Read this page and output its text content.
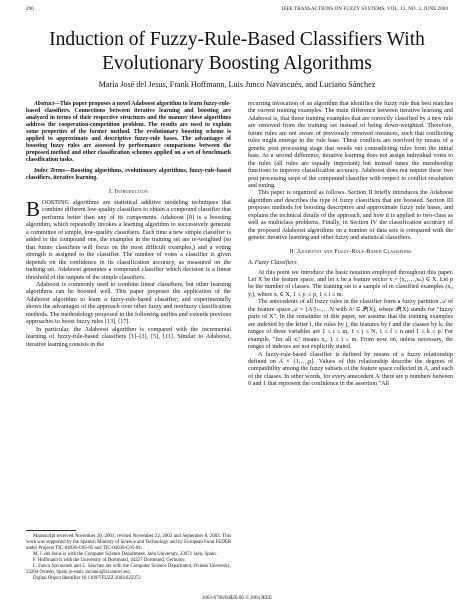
296	IEEE TRANSACTIONS ON FUZZY SYSTEMS, VOL. 12, NO. 3, JUNE 2004
Induction of Fuzzy-Rule-Based Classifiers With
Evolutionary Boosting Algorithms
María José del Jesus, Frank Hoffmann, Luis Junco Navascués, and Luciano Sánchez

Abstract—This paper proposes a novel Adaboost algorithm to learn fuzzy-rule-based classifiers. Connections between iterative learning and boosting are analyzed in terms of their respective structures and the manner these algorithms address the cooperation-competition problem. The results are used to explain some properties of the former method. The evolutionary boosting scheme is applied to approximate and descriptive fuzzy-rule bases. The advantages of boosting fuzzy rules are assessed by performance comparisons between the proposed method and other classification schemes applied on a set of benchmark classification tasks.

Index Terms—Boosting algorithms, evolutionary algorithms, fuzzy-rule-based classifiers, iterative learning.

I. Introduction

BOOSTING algorithms are statistical additive modeling techniques that combine different low-quality classifiers to obtain a compound classifier that performs better than any of its components. Adaboost [8] is a boosting algorithm, which repeatedly invokes a learning algorithm to successively generate a committee of simple, low-quality classifiers. Each time a new simple classifier is added to the compound one, the examples in the training set are re-weighted (so that future classifiers will focus on the most difficult examples,) and a voting strength is assigned to the classifier. The number of votes a classifier is given depends on the confidence in its classification accuracy, as measured on the training set. Adaboost generates a compound classifier which decision is a linear threshold of the outputs of the simple classifiers.

Adaboost is commonly used to combine linear classifiers, but other learning algorithms can be boosted well. This paper proposes the application of the Adaboost algorithm to learn a fuzzy-rule-based classifier, and experimentally shows the advantages of the approach over other fuzzy and nonfuzzy classification methods. The methodology proposed in the following unifies and extends previous approaches to boost fuzzy rules [13], [17].

In particular, the Adaboost algorithm is compared with the incremental learning of fuzzy-rule-based classifiers [1]–[3], [5], [11]. Similar to Adaboost, iterative learning consists in the

Manuscript received November 20, 2001; revised November 22, 2002 and September 8, 2003. This work was supported by the Spanish Ministry of Science and Technology and by European Fund FEDER under Projects TIC-04036-C05-05 and TIC-04036-C05-04.

M. J. del Jesus is with the Computer Science Department, Jaén University, 23071 Jaén, Spain.

F. Hoffmann is with the University of Dortmund, 44227 Dortmund, Germany.

L. Junco Navascués and L. Sánchez are with the Computer Science Department, Oviedo University, 33204 Oviedo, Spain (e-mail: luciano@lsi.uniovi.es).

Digital Object Identifier 10.1109/TFUZZ.2004.825972

recurring invocation of an algorithm that identifies the fuzzy rule that best matches the current training examples. The main difference between iterative learning and Adaboost is, that those training examples that are correctly classified by a new rule are removed from the training set instead of being down-weighted. Therefore, future rules are not aware of previously removed instances, such that conflicting rules might emerge in the rule base. These conflicts are resolved by means of a genetic post processing stage that weeds out contradicting rules from the initial base. As a second difference, iterative learning does not assign individual votes to the rules (all rules are equally important) but instead tunes the membership functions to improve classification accuracy. Adaboost does not require these two post processing steps of the compound classifier with respect to conflict resolution and tuning.

This paper is organized as follows. Section II briefly introduces the Adaboost algorithm and describes the type of fuzzy classifiers that are boosted. Section III proposes methods for boosting descriptive and approximate fuzzy rule bases, and explains the technical details of the approach, and how it is applied to two-class as well as multiclass problems. Finally, in Section IV the classification accuracy of the proposed Adaboost algorithms on a number of data sets is compared with the genetic iterative learning and other fuzzy and statistical classifiers.

II. Adaboost and Fuzzy-Rule-Based Classifiers
A. Fuzzy Classifiers

At this point we introduce the basic notation employed throughout this paper. Let X be the feature space, and let x be a feature vector x = (x₁,…,xₙ) ∈ X. Let p be the number of classes. The training set is a sample of m classified examples (xᵢ, yᵢ), where xᵢ ∈ X, 1 ≤ yᵢ ≤ p, 1 ≤ i ≤ m.

The antecedents of all fuzzy rules in the classifier form a fuzzy partition 𝒜 of the feature space 𝒜 = {Aʲ}ⱼ₌₁…N with Aʲ ∈ 𝒫̃(X), where 𝒫̃(X) stands for "fuzzy parts of X". In the remainder of this paper, we assume that the training examples are indexed by the letter i, the rules by j, the features by f and the classes by k; the ranges of these variables are 1 ≤ i ≤ m, 1 ≤ j ≤ N, 1 ≤ f ≤ n and 1 ≤ k ≤ p. For example, "for all xᵢ" means xᵢ, 1 ≤ i ≤ m. From now on, unless necessary, the ranges of indexes are not explicitly stated.

A fuzzy-rule-based classifier is defined by means of a fuzzy relationship defined on A × {1,…,p}. Values of this relationship describe the degrees of compatibility among the fuzzy subsets of the feature space collected in A, and each of the classes. In other words, for every antecedent Aʲ there are p numbers between 0 and 1 that represent the confidence in the assertion "All

1063-6706/04$20.00 © 2004 IEEE
